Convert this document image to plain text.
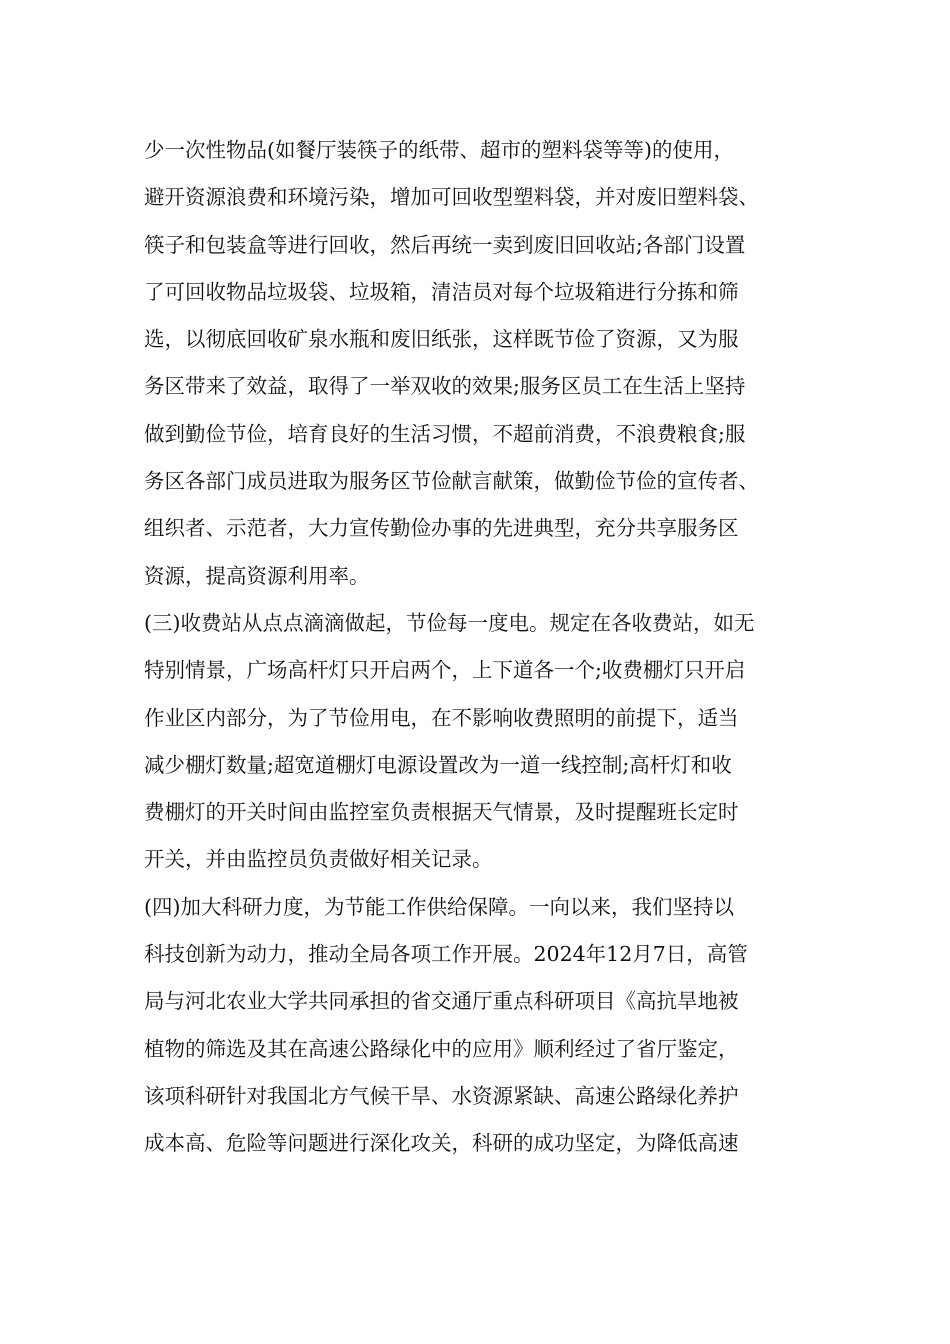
少一次性物品(如餐厅装筷子的纸带、超市的塑料袋等等)的使用，
避开资源浪费和环境污染，增加可回收型塑料袋，并对废旧塑料袋、
筷子和包装盒等进行回收，然后再统一卖到废旧回收站;各部门设置
了可回收物品垃圾袋、垃圾箱，清洁员对每个垃圾箱进行分拣和筛
选，以彻底回收矿泉水瓶和废旧纸张，这样既节俭了资源，又为服
务区带来了效益，取得了一举双收的效果;服务区员工在生活上坚持
做到勤俭节俭，培育良好的生活习惯，不超前消费，不浪费粮食;服
务区各部门成员进取为服务区节俭献言献策，做勤俭节俭的宣传者、
组织者、示范者，大力宣传勤俭办事的先进典型，充分共享服务区
资源，提高资源利用率。
(三)收费站从点点滴滴做起，节俭每一度电。规定在各收费站，如无
特别情景，广场高杆灯只开启两个，上下道各一个;收费棚灯只开启
作业区内部分，为了节俭用电，在不影响收费照明的前提下，适当
减少棚灯数量;超宽道棚灯电源设置改为一道一线控制;高杆灯和收
费棚灯的开关时间由监控室负责根据天气情景，及时提醒班长定时
开关，并由监控员负责做好相关记录。
(四)加大科研力度，为节能工作供给保障。一向以来，我们坚持以
科技创新为动力，推动全局各项工作开展。2024年12月7日，高管
局与河北农业大学共同承担的省交通厅重点科研项目《高抗旱地被
植物的筛选及其在高速公路绿化中的应用》顺利经过了省厅鉴定，
该项科研针对我国北方气候干旱、水资源紧缺、高速公路绿化养护
成本高、危险等问题进行深化攻关，科研的成功坚定，为降低高速
